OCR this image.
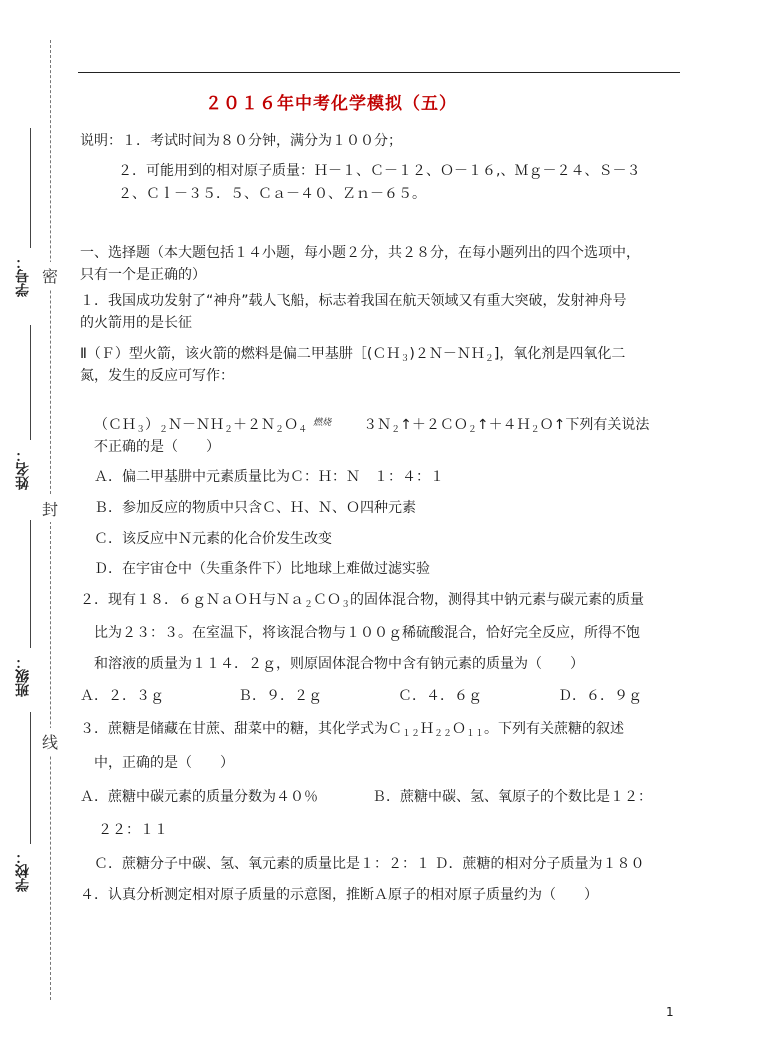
学号：
姓名：
班级：
学校：
密
封
线
２０１６年中考化学模拟（五）
说明：１．考试时间为８０分钟，满分为１００分；
２．可能用到的相对原子质量：Ｈ－１、Ｃ－１２、Ｏ－１６,、Ｍｇ－２４、Ｓ－３
２、Ｃｌ－３５．５、Ｃａ－４０、Ｚｎ－６５。
一、选择题（本大题包括１４小题，每小题２分，共２８分，在每小题列出的四个选项中，
只有一个是正确的）
１．我国成功发射了“神舟”载人飞船，标志着我国在航天领域又有重大突破，发射神舟号
的火箭用的是长征
Ⅱ（Ｆ）型火箭，该火箭的燃料是偏二甲基肼［(ＣＨ$_3$)２Ｎ－ＮＨ$_2$]，氧化剂是四氧化二
氮，发生的反应可写作：
$(CH_3)_2N-NH_2+2N_2O_4$
燃烧 ３Ｎ$_2$↑＋２ＣＯ$_2$↑＋４Ｈ$_2$Ｏ↑下列有关说法
不正确的是（　　）
Ａ．偏二甲基肼中元素质量比为Ｃ：Ｈ：Ｎ　１：４：１
Ｂ．参加反应的物质中只含Ｃ、Ｈ、Ｎ、Ｏ四种元素
Ｃ．该反应中Ｎ元素的化合价发生改变
Ｄ．在宇宙仓中（失重条件下）比地球上难做过滤实验
２．现有１８．６ｇＮａＯＨ与Ｎａ$_2$ＣＯ$_3$的固体混合物，测得其中钠元素与碳元素的质量
比为２３：３。在室温下，将该混合物与１００ｇ稀硫酸混合，恰好完全反应，所得不饱
和溶液的质量为１１４．２ｇ，则原固体混合物中含有钠元素的质量为（　　）
Ａ．２．３ｇ	Ｂ．９．２ｇ	Ｃ．４．６ｇ	Ｄ．６．９ｇ
３．蔗糖是储藏在甘蔗、甜菜中的糖，其化学式为Ｃ$_{12}$Ｈ$_{22}$Ｏ$_{11}$。下列有关蔗糖的叙述
中，正确的是（　　）
Ａ．蔗糖中碳元素的质量分数为４０％	Ｂ．蔗糖中碳、氢、氧原子的个数比是１２：
２２：１１
Ｃ．蔗糖分子中碳、氢、氧元素的质量比是１：２：１ Ｄ．蔗糖的相对分子质量为１８０
４．认真分析测定相对原子质量的示意图，推断Ａ原子的相对原子质量约为（　　）
1
